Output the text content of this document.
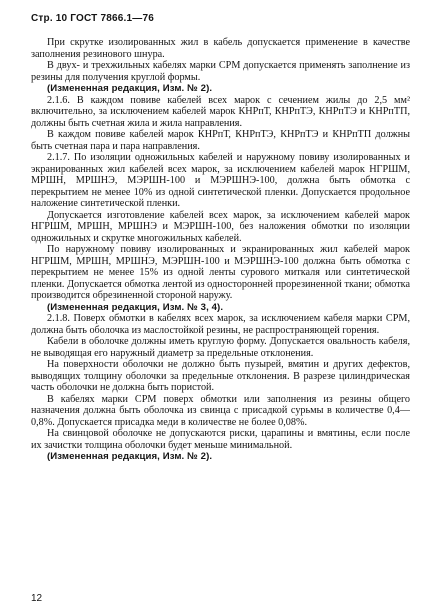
Стр. 10 ГОСТ 7866.1—76

При скрутке изолированных жил в кабель допускается применение в качестве заполнения резинового шнура.

В двух- и трехжильных кабелях марки СРМ допускается применять заполнение из резины для получения круглой формы.

(Измененная редакция, Изм. № 2).

2.1.6. В каждом повиве кабелей всех марок с сечением жилы до 2,5 мм² включительно, за исключением кабелей марок КНРпТ, КНРпТЭ, КНРпТЭ и КНРпТП, должны быть счетная жила и жила направления.

В каждом повиве кабелей марок КНРпТ, КНРпТЭ, КНРпТЭ и КНРпТП должны быть счетная пара и пара направления.

2.1.7. По изоляции одножильных кабелей и наружному повиву изолированных и экранированных жил кабелей всех марок, за исключением кабелей марок НГРШМ, МРШН, МРШНЭ, МЭРШН-100 и МЭРШНЭ-100, должна быть обмотка с перекрытием не менее 10% из одной синтетической пленки. Допускается продольное наложение синтетической пленки.

Допускается изготовление кабелей всех марок, за исключением кабелей марок НГРШМ, МРШН, МРШНЭ и МЭРШН-100, без наложения обмотки по изоляции одножильных и скрутке многожильных кабелей.

По наружному повиву изолированных и экранированных жил кабелей марок НГРШМ, МРШН, МРШНЭ, МЭРШН-100 и МЭРШНЭ-100 должна быть обмотка с перекрытием не менее 15% из одной ленты сурового миткаля или синтетической пленки. Допускается обмотка лентой из односторонней прорезиненной ткани; обмотка производится обрезиненной стороной наружу.

(Измененная редакция, Изм. № 3, 4).

2.1.8. Поверх обмотки в кабелях всех марок, за исключением кабеля марки СРМ, должна быть оболочка из маслостойкой резины, не распространяющей горения.

Кабели в оболочке должны иметь круглую форму. Допускается овальность кабеля, не выводящая его наружный диаметр за предельные отклонения.

На поверхности оболочки не должно быть пузырей, вмятин и других дефектов, выводящих толщину оболочки за предельные отклонения. В разрезе цилиндрическая часть оболочки не должна быть пористой.

В кабелях марки СРМ поверх обмотки или заполнения из резины общего назначения должна быть оболочка из свинца с присадкой сурьмы в количестве 0,4—0,8%. Допускается присадка меди в количестве не более 0,08%.

На свинцовой оболочке не допускаются риски, царапины и вмятины, если после их зачистки толщина оболочки будет меньше минимальной.

(Измененная редакция, Изм. № 2).

12
